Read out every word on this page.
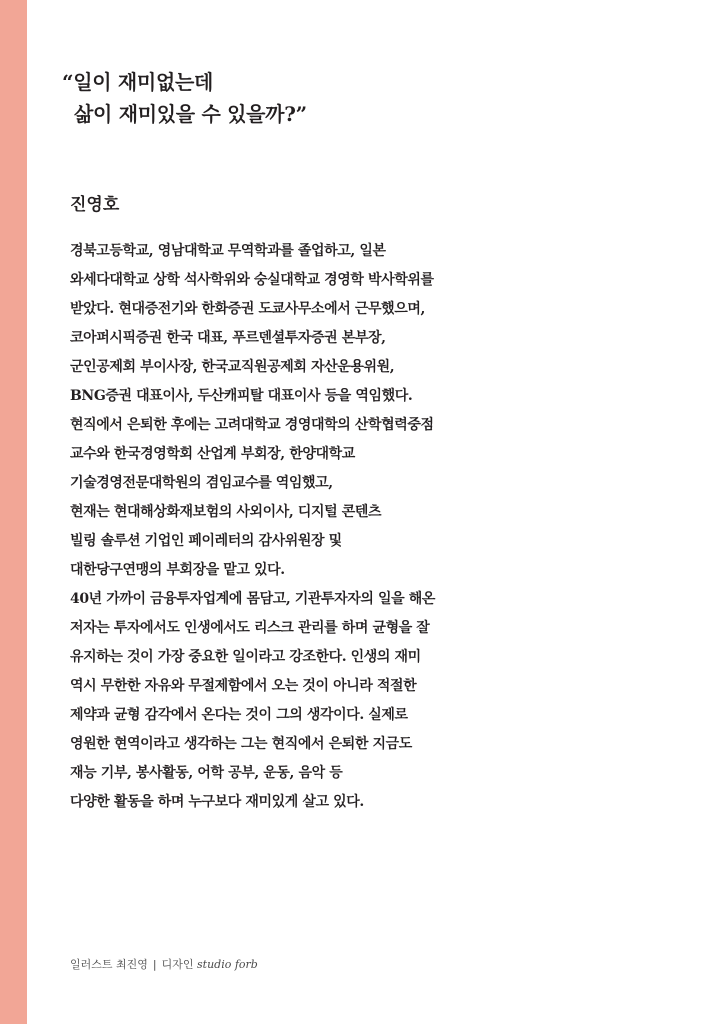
“일이 재미없는데
삶이 재미있을 수 있을까?”
진영호
경북고등학교, 영남대학교 무역학과를 졸업하고, 일본
와세다대학교 상학 석사학위와 숭실대학교 경영학 박사학위를
받았다. 현대증전기와 한화증권 도쿄사무소에서 근무했으며,
코아퍼시픽증권 한국 대표, 푸르덴셜투자증권 본부장,
군인공제회 부이사장, 한국교직원공제회 자산운용위원,
BNG증권 대표이사, 두산캐피탈 대표이사 등을 역임했다.
현직에서 은퇴한 후에는 고려대학교 경영대학의 산학협력중점
교수와 한국경영학회 산업계 부회장, 한양대학교
기술경영전문대학원의 겸임교수를 역임했고,
현재는 현대해상화재보험의 사외이사, 디지털 콘텐츠
빌링 솔루션 기업인 페이레터의 감사위원장 및
대한당구연맹의 부회장을 맡고 있다.
40년 가까이 금융투자업계에 몸담고, 기관투자자의 일을 해온
저자는 투자에서도 인생에서도 리스크 관리를 하며 균형을 잘
유지하는 것이 가장 중요한 일이라고 강조한다. 인생의 재미
역시 무한한 자유와 무절제함에서 오는 것이 아니라 적절한
제약과 균형 감각에서 온다는 것이 그의 생각이다. 실제로
영원한 현역이라고 생각하는 그는 현직에서 은퇴한 지금도
재능 기부, 봉사활동, 어학 공부, 운동, 음악 등
다양한 활동을 하며 누구보다 재미있게 살고 있다.
일러스트 최진영 | 디자인 studio forb
